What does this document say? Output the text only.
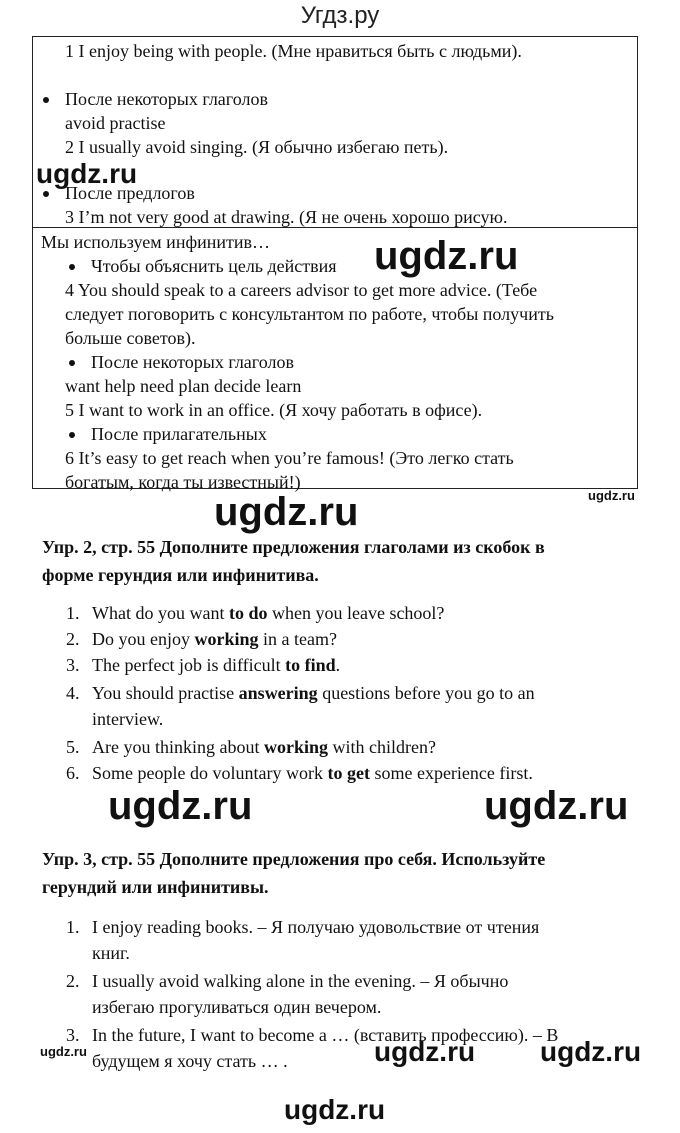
Угдз.ру
1 I enjoy being with people. (Мне нравиться быть с людьми).
После некоторых глаголов
avoid practise
2 I usually avoid singing. (Я обычно избегаю петь).
После предлогов
3 I’m not very good at drawing. (Я не очень хорошо рисую.
Мы используем инфинитив…
Чтобы объяснить цель действия
4 You should speak to a careers advisor to get more advice. (Тебе
следует поговорить с консультантом по работе, чтобы получить
больше советов).
После некоторых глаголов
want help need plan decide learn
5 I want to work in an office. (Я хочу работать в офисе).
После прилагательных
6 It’s easy to get reach when you’re famous! (Это легко стать
богатым, когда ты известный!)
ugdz.ru
ugdz.ru
ugdz.ru
ugdz.ru
ugdz.ru	ugdz.ru
ugdz.ru	ugdz.ru ugdz.ru
ugdz.ru
Упр. 2, стр. 55 Дополните предложения глаголами из скобок в
форме герундия или инфинитива.
1. What do you want to do when you leave school?
2. Do you enjoy working in a team?
3. The perfect job is difficult to find.
4. You should practise answering questions before you go to an
interview.
5. Are you thinking about working with children?
6. Some people do voluntary work to get some experience first.
Упр. 3, стр. 55 Дополните предложения про себя. Используйте
герундий или инфинитивы.
1. I enjoy reading books. – Я получаю удовольствие от чтения
книг.
2. I usually avoid walking alone in the evening. – Я обычно
избегаю прогуливаться один вечером.
3. In the future, I want to become a … (вставить профессию). – В
будущем я хочу стать … .
